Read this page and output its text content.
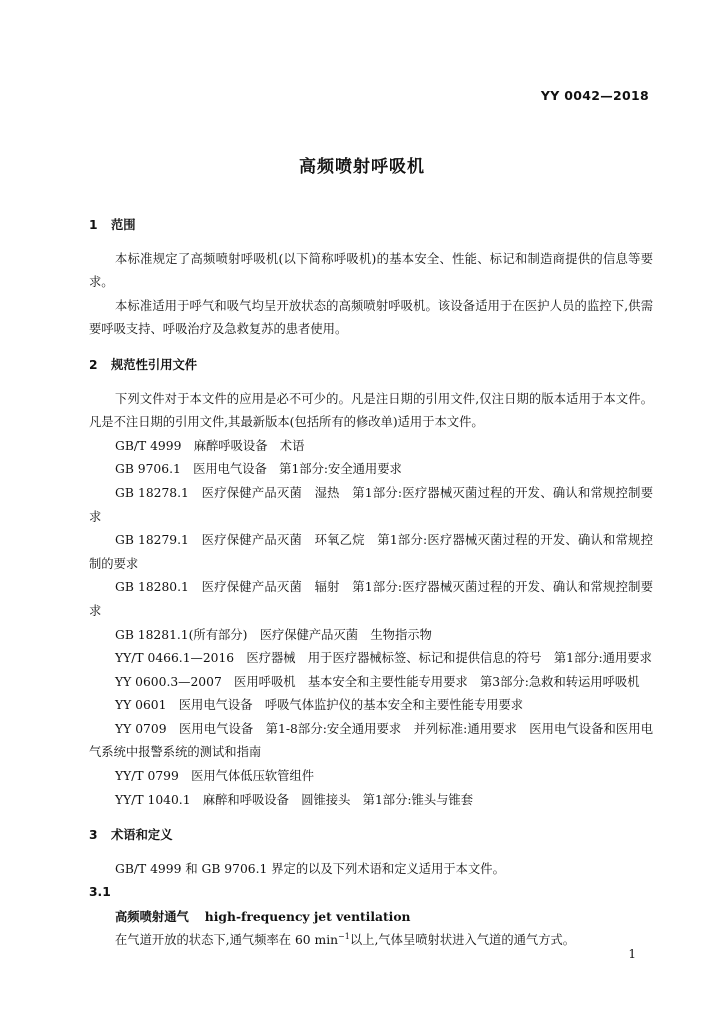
YY 0042—2018
高频喷射呼吸机
1 范围

本标准规定了高频喷射呼吸机(以下简称呼吸机)的基本安全、性能、标记和制造商提供的信息等要求。

本标准适用于呼气和吸气均呈开放状态的高频喷射呼吸机。该设备适用于在医护人员的监控下,供需要呼吸支持、呼吸治疗及急救复苏的患者使用。

2 规范性引用文件

下列文件对于本文件的应用是必不可少的。凡是注日期的引用文件,仅注日期的版本适用于本文件。凡是不注日期的引用文件,其最新版本(包括所有的修改单)适用于本文件。

GB/T 4999　麻醉呼吸设备　术语

GB 9706.1　医用电气设备　第1部分:安全通用要求

GB 18278.1　医疗保健产品灭菌　湿热　第1部分:医疗器械灭菌过程的开发、确认和常规控制要求

GB 18279.1　医疗保健产品灭菌　环氧乙烷　第1部分:医疗器械灭菌过程的开发、确认和常规控制的要求

GB 18280.1　医疗保健产品灭菌　辐射　第1部分:医疗器械灭菌过程的开发、确认和常规控制要求

GB 18281.1(所有部分)　医疗保健产品灭菌　生物指示物

YY/T 0466.1—2016　医疗器械　用于医疗器械标签、标记和提供信息的符号　第1部分:通用要求

YY 0600.3—2007　医用呼吸机　基本安全和主要性能专用要求　第3部分:急救和转运用呼吸机

YY 0601　医用电气设备　呼吸气体监护仪的基本安全和主要性能专用要求

YY 0709　医用电气设备　第1-8部分:安全通用要求　并列标准:通用要求　医用电气设备和医用电气系统中报警系统的测试和指南

YY/T 0799　医用气体低压软管组件

YY/T 1040.1　麻醉和呼吸设备　圆锥接头　第1部分:锥头与锥套

3 术语和定义

GB/T 4999 和 GB 9706.1 界定的以及下列术语和定义适用于本文件。

3.1

高频喷射通气 high-frequency jet ventilation

在气道开放的状态下,通气频率在 60 $\min^{-1}$以上,气体呈喷射状进入气道的通气方式。

1
